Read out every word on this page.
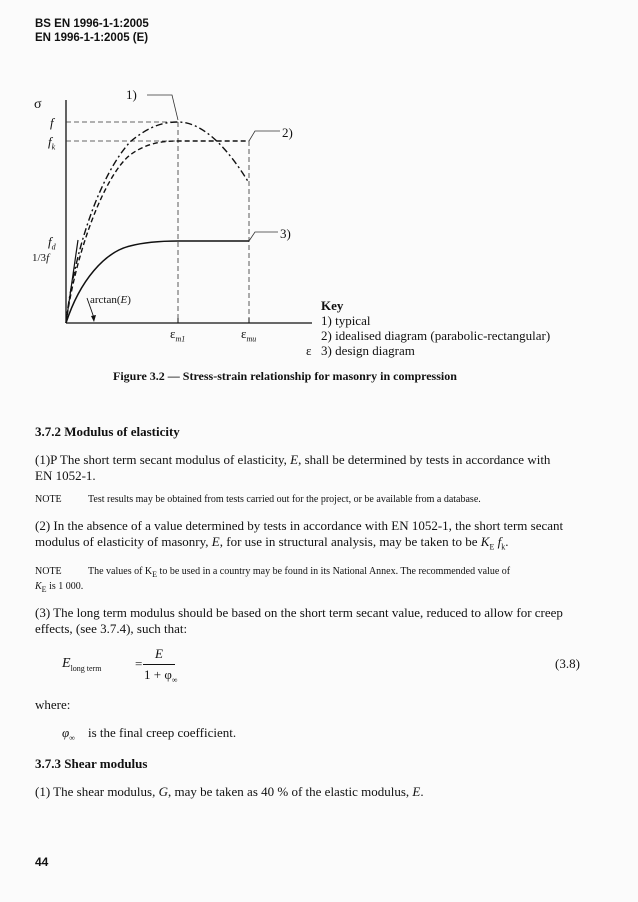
BS EN 1996-1-1:2005
EN 1996-1-1:2005 (E)
σ
f
$f_k$
$f_d$
1/3f
1)
2)
3)
arctan(E)
$\varepsilon_{m1}$	$\varepsilon_{mu}$
Key
1) typical
2) idealised diagram (parabolic-rectangular)
ε 3) design diagram
Figure 3.2 — Stress-strain relationship for masonry in compression
3.7.2 Modulus of elasticity
(1)P The short term secant modulus of elasticity, E, shall be determined by tests in accordance with
EN 1052-1.
NOTE	Test results may be obtained from tests carried out for the project, or be available from a database.
(2) In the absence of a value determined by tests in accordance with EN 1052-1, the short term secant
modulus of elasticity of masonry, E, for use in structural analysis, may be taken to be $K_E$ $f_k$.
NOTE	The values of $K_E$ to be used in a country may be found in its National Annex. The recommended value of
$K_E$ is 1 000.
(3) The long term modulus should be based on the short term secant value, reduced to allow for creep
effects, (see 3.7.4), such that:
$E_{long term}$	=
E
$1 + \varphi_\infty$
(3.8)
where:
$\varphi_\infty$ is the final creep coefficient.
3.7.3 Shear modulus
(1) The shear modulus, G, may be taken as 40 % of the elastic modulus, E.
44
